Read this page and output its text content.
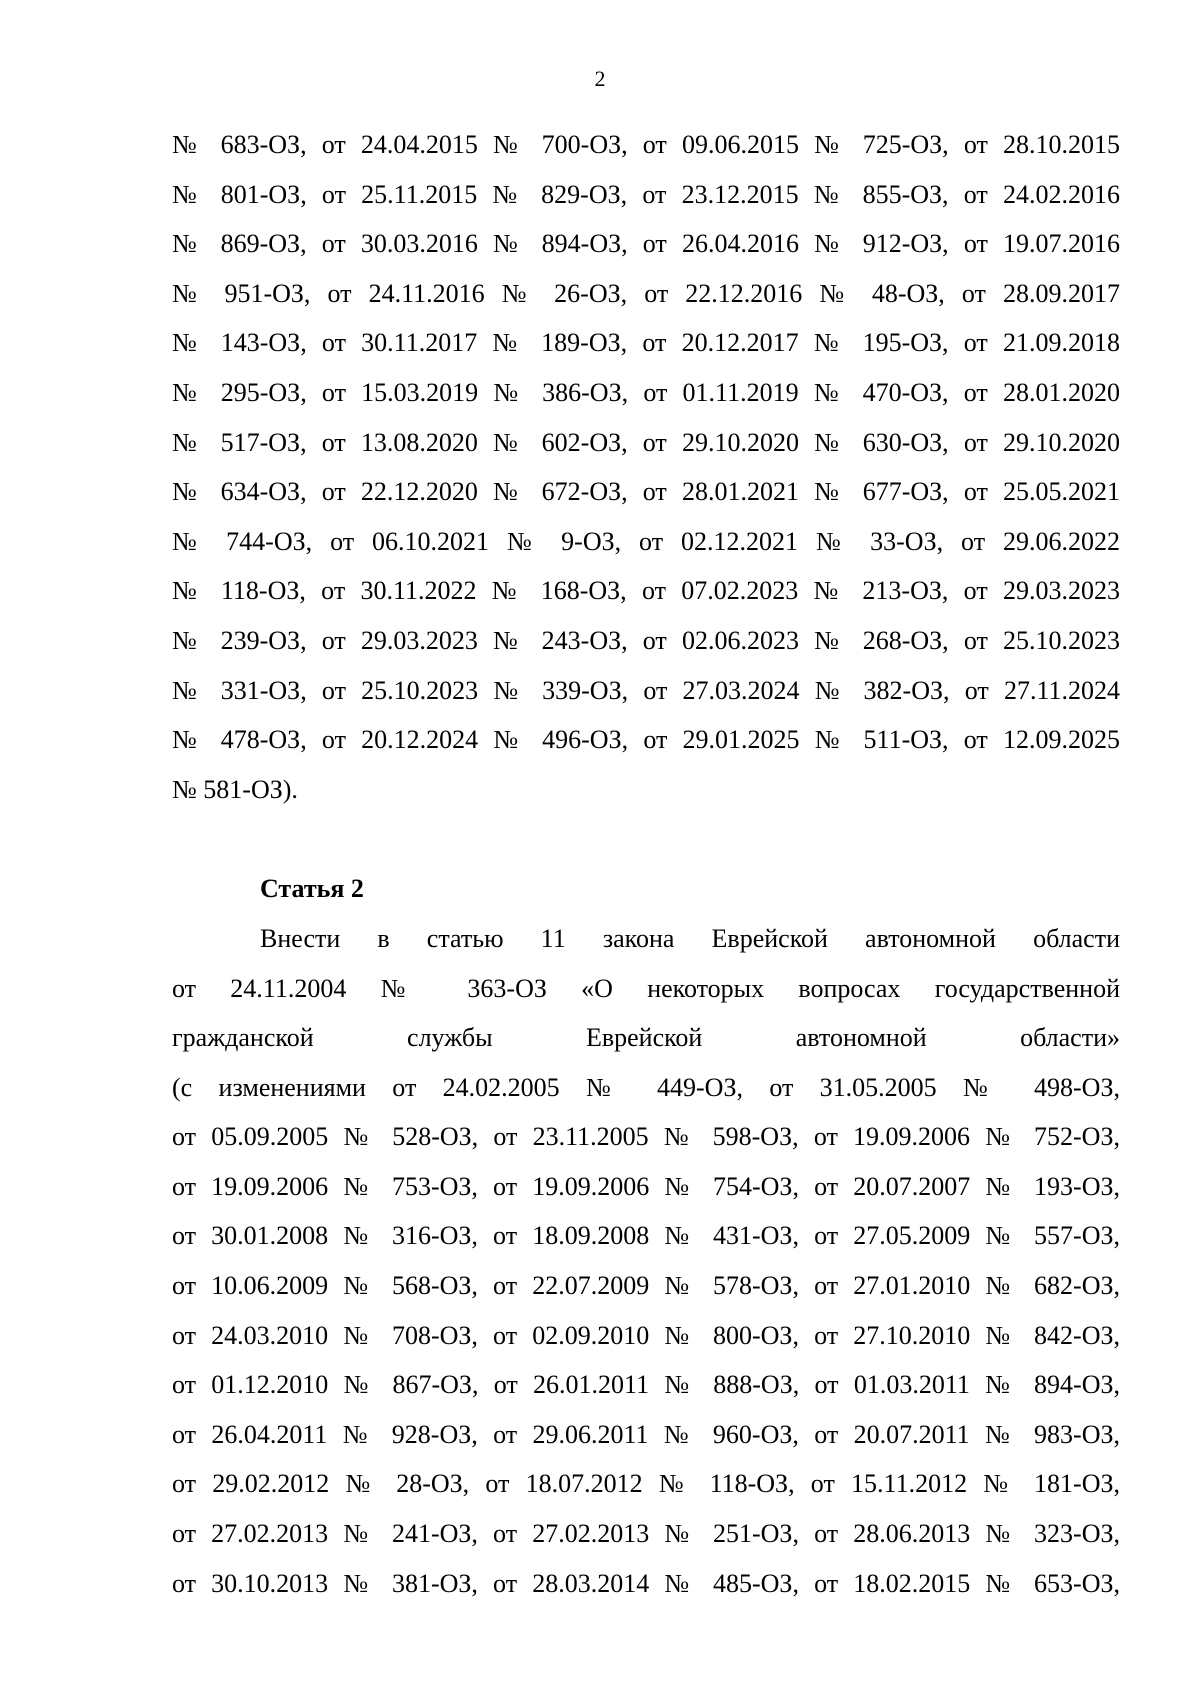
2
№ 683-ОЗ, от 24.04.2015 № 700-ОЗ, от 09.06.2015 № 725-ОЗ, от 28.10.2015
№ 801-ОЗ, от 25.11.2015 № 829-ОЗ, от 23.12.2015 № 855-ОЗ, от 24.02.2016
№ 869-ОЗ, от 30.03.2016 № 894-ОЗ, от 26.04.2016 № 912-ОЗ, от 19.07.2016
№ 951-ОЗ, от 24.11.2016 № 26-ОЗ, от 22.12.2016 № 48-ОЗ, от 28.09.2017
№ 143-ОЗ, от 30.11.2017 № 189-ОЗ, от 20.12.2017 № 195-ОЗ, от 21.09.2018
№ 295-ОЗ, от 15.03.2019 № 386-ОЗ, от 01.11.2019 № 470-ОЗ, от 28.01.2020
№ 517-ОЗ, от 13.08.2020 № 602-ОЗ, от 29.10.2020 № 630-ОЗ, от 29.10.2020
№ 634-ОЗ, от 22.12.2020 № 672-ОЗ, от 28.01.2021 № 677-ОЗ, от 25.05.2021
№ 744-ОЗ, от 06.10.2021 № 9-ОЗ, от 02.12.2021 № 33-ОЗ, от 29.06.2022
№ 118-ОЗ, от 30.11.2022 № 168-ОЗ, от 07.02.2023 № 213-ОЗ, от 29.03.2023
№ 239-ОЗ, от 29.03.2023 № 243-ОЗ, от 02.06.2023 № 268-ОЗ, от 25.10.2023
№ 331-ОЗ, от 25.10.2023 № 339-ОЗ, от 27.03.2024 № 382-ОЗ, от 27.11.2024
№ 478-ОЗ, от 20.12.2024 № 496-ОЗ, от 29.01.2025 № 511-ОЗ, от 12.09.2025
№ 581-ОЗ).
Статья 2
Внести в статью 11 закона Еврейской автономной области
от 24.11.2004 № 363-ОЗ «О некоторых вопросах государственной
гражданской службы Еврейской автономной области»
(с изменениями от 24.02.2005 № 449-ОЗ, от 31.05.2005 № 498-ОЗ,
от 05.09.2005 № 528-ОЗ, от 23.11.2005 № 598-ОЗ, от 19.09.2006 № 752-ОЗ,
от 19.09.2006 № 753-ОЗ, от 19.09.2006 № 754-ОЗ, от 20.07.2007 № 193-ОЗ,
от 30.01.2008 № 316-ОЗ, от 18.09.2008 № 431-ОЗ, от 27.05.2009 № 557-ОЗ,
от 10.06.2009 № 568-ОЗ, от 22.07.2009 № 578-ОЗ, от 27.01.2010 № 682-ОЗ,
от 24.03.2010 № 708-ОЗ, от 02.09.2010 № 800-ОЗ, от 27.10.2010 № 842-ОЗ,
от 01.12.2010 № 867-ОЗ, от 26.01.2011 № 888-ОЗ, от 01.03.2011 № 894-ОЗ,
от 26.04.2011 № 928-ОЗ, от 29.06.2011 № 960-ОЗ, от 20.07.2011 № 983-ОЗ,
от 29.02.2012 № 28-ОЗ, от 18.07.2012 № 118-ОЗ, от 15.11.2012 № 181-ОЗ,
от 27.02.2013 № 241-ОЗ, от 27.02.2013 № 251-ОЗ, от 28.06.2013 № 323-ОЗ,
от 30.10.2013 № 381-ОЗ, от 28.03.2014 № 485-ОЗ, от 18.02.2015 № 653-ОЗ,
